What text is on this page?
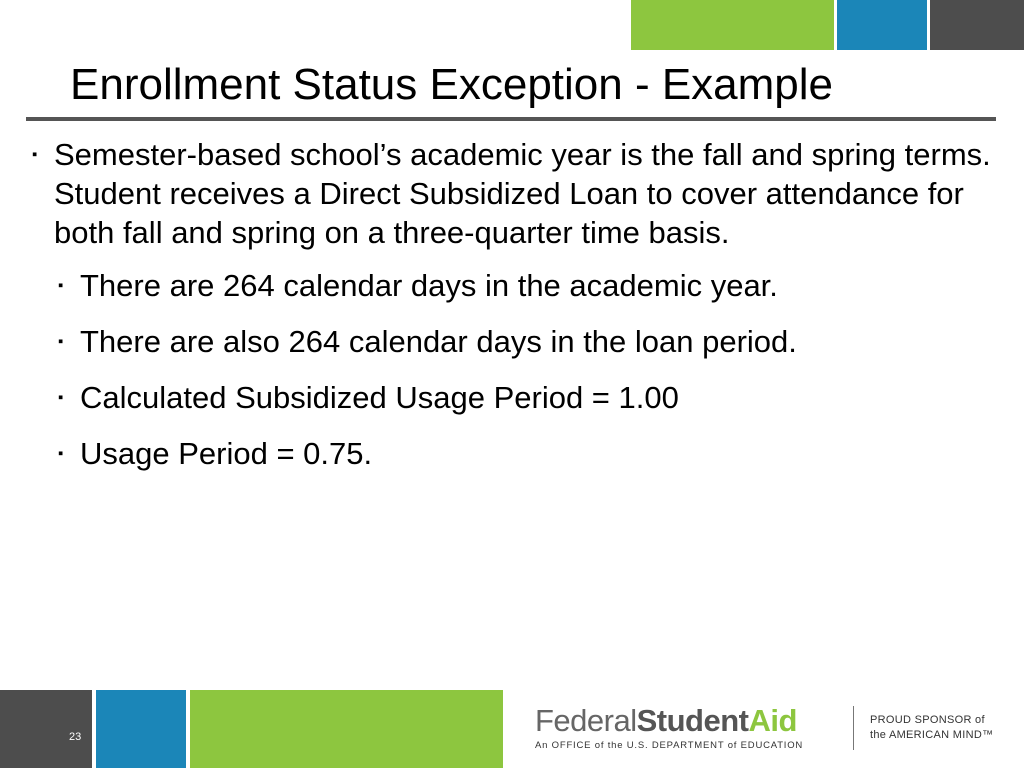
Enrollment Status Exception - Example
▪ Semester-based school’s academic year is the fall and spring terms. Student receives a Direct Subsidized Loan to cover attendance for both fall and spring on a three-quarter time basis.
▪ There are 264 calendar days in the academic year.
▪ There are also 264 calendar days in the loan period.
▪ Calculated Subsidized Usage Period = 1.00
▪ Usage Period = 0.75.
23	FederalStudentAid
An OFFICE of the U.S. DEPARTMENT of EDUCATION
PROUD SPONSOR of
the AMERICAN MIND™
